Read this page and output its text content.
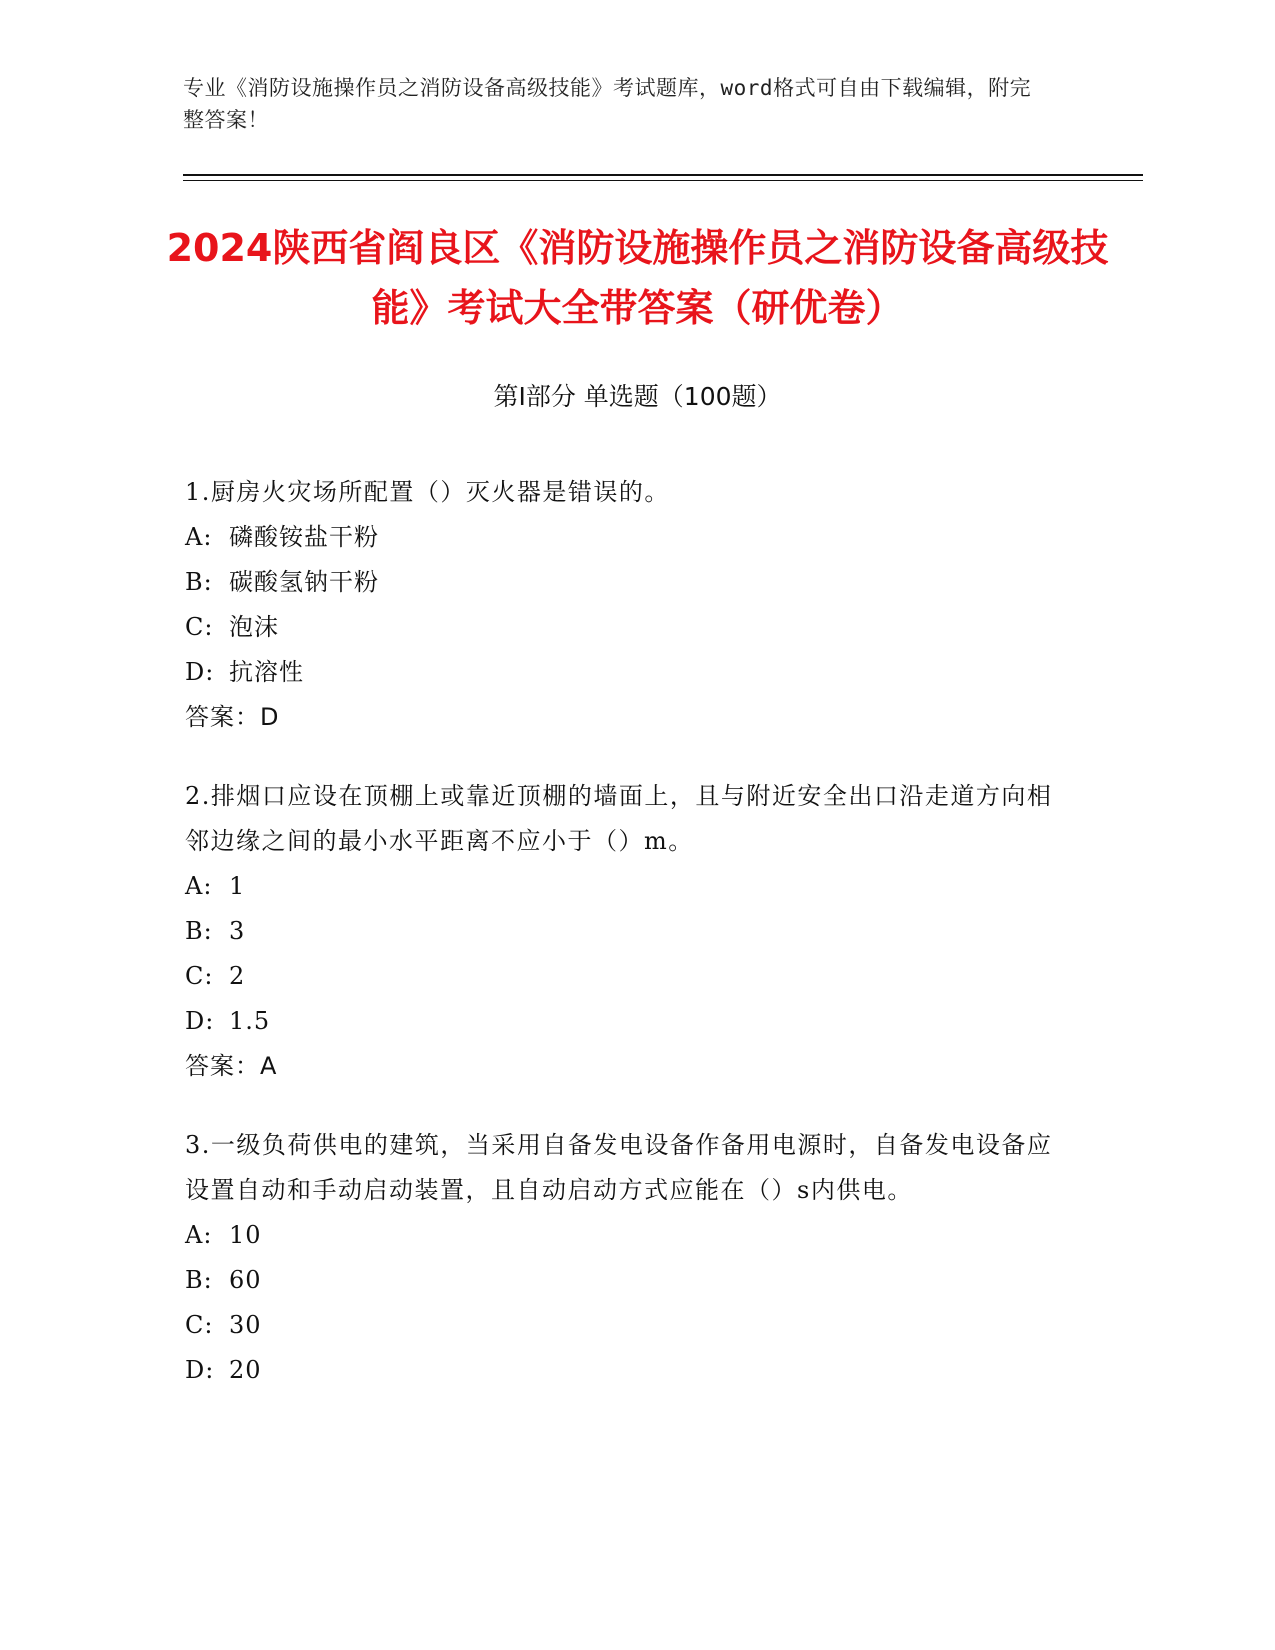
专业《消防设施操作员之消防设备高级技能》考试题库，word格式可自由下载编辑，附完整答案！
2024陕西省阎良区《消防设施操作员之消防设备高级技能》考试大全带答案（研优卷）
第Ⅰ部分 单选题（100题）
1.厨房火灾场所配置（）灭火器是错误的。
A: 磷酸铵盐干粉
B: 碳酸氢钠干粉
C: 泡沫
D: 抗溶性
答案：D
2.排烟口应设在顶棚上或靠近顶棚的墙面上，且与附近安全出口沿走道方向相邻边缘之间的最小水平距离不应小于（）m。
A: 1
B: 3
C: 2
D: 1.5
答案：A
3.一级负荷供电的建筑，当采用自备发电设备作备用电源时，自备发电设备应设置自动和手动启动装置，且自动启动方式应能在（）s内供电。
A: 10
B: 60
C: 30
D: 20
